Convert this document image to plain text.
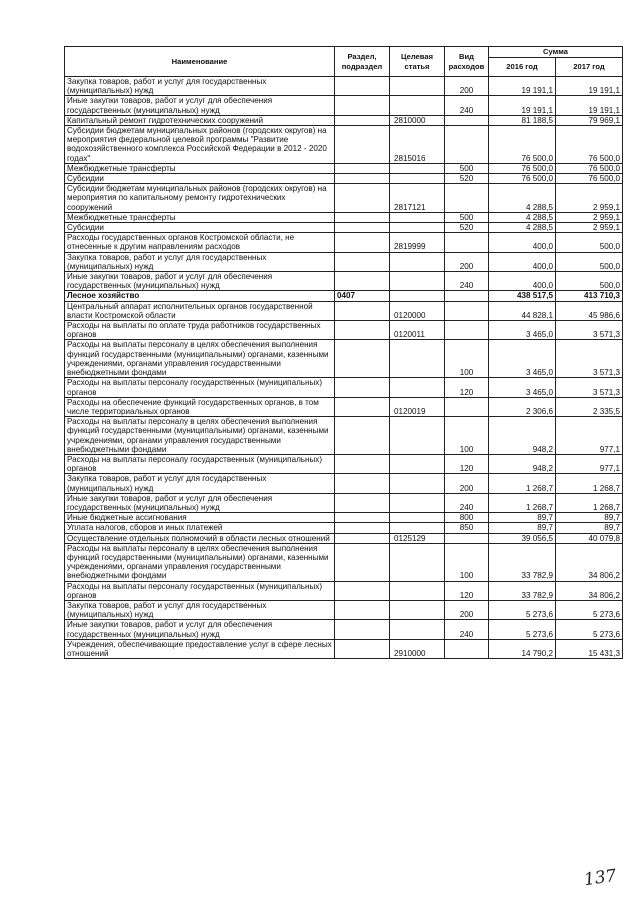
Наименование	Раздел, подраздел	Целевая статья	Вид расходов	Сумма	
				2016 год	2017 год
Закупка товаров, работ и услуг для государственных (муниципальных) нужд			200	19 191,1	19 191,1
Иные закупки товаров, работ и услуг для обеспечения государственных (муниципальных) нужд			240	19 191,1	19 191,1
Капитальный ремонт гидротехнических сооружений		2810000		81 188,5	79 969,1
Субсидии бюджетам муниципальных районов (городских округов) на мероприятия федеральной целевой программы "Развитие водохозяйственного комплекса Российской Федерации в 2012 - 2020 годах"		2815016		76 500,0	76 500,0
Межбюджетные трансферты			500	76 500,0	76 500,0
Субсидии			520	76 500,0	76 500,0
Субсидии бюджетам муниципальных районов (городских округов) на мероприятия по капитальному ремонту гидротехнических сооружений		2817121		4 288,5	2 959,1
Межбюджетные трансферты			500	4 288,5	2 959,1
Субсидии			520	4 288,5	2 959,1
Расходы государственных органов Костромской области, не отнесенные к другим направлениям расходов		2819999		400,0	500,0
Закупка товаров, работ и услуг для государственных (муниципальных) нужд			200	400,0	500,0
Иные закупки товаров, работ и услуг для обеспечения государственных (муниципальных) нужд			240	400,0	500,0
Лесное хозяйство	0407			438 517,5	413 710,3
Центральный аппарат исполнительных органов государственной власти Костромской области		0120000		44 828,1	45 986,6
Расходы на выплаты по оплате труда работников государственных органов		0120011		3 465,0	3 571,3
Расходы на выплаты персоналу в целях обеспечения выполнения функций государственными (муниципальными) органами, казенными учреждениями, органами управления государственными внебюджетными фондами			100	3 465,0	3 571,3
Расходы на выплаты персоналу государственных (муниципальных) органов			120	3 465,0	3 571,3
Расходы на обеспечение функций государственных органов, в том числе территориальных органов		0120019		2 306,6	2 335,5
Расходы на выплаты персоналу в целях обеспечения выполнения функций государственными (муниципальными) органами, казенными учреждениями, органами управления государственными внебюджетными фондами			100	948,2	977,1
Расходы на выплаты персоналу государственных (муниципальных) органов			120	948,2	977,1
Закупка товаров, работ и услуг для государственных (муниципальных) нужд			200	1 268,7	1 268,7
Иные закупки товаров, работ и услуг для обеспечения государственных (муниципальных) нужд			240	1 268,7	1 268,7
Иные бюджетные ассигнования			800	89,7	89,7
Уплата налогов, сборов и иных платежей			850	89,7	89,7
Осуществление отдельных полномочий в области лесных отношений		0125129		39 056,5	40 079,8
Расходы на выплаты персоналу в целях обеспечения выполнения функций государственными (муниципальными) органами, казенными учреждениями, органами управления государственными внебюджетными фондами			100	33 782,9	34 806,2
Расходы на выплаты персоналу государственных (муниципальных) органов			120	33 782,9	34 806,2
Закупка товаров, работ и услуг для государственных (муниципальных) нужд			200	5 273,6	5 273,6
Иные закупки товаров, работ и услуг для обеспечения государственных (муниципальных) нужд			240	5 273,6	5 273,6
Учреждения, обеспечивающие предоставление услуг в сфере лесных отношений		2910000		14 790,2	15 431,3
137
